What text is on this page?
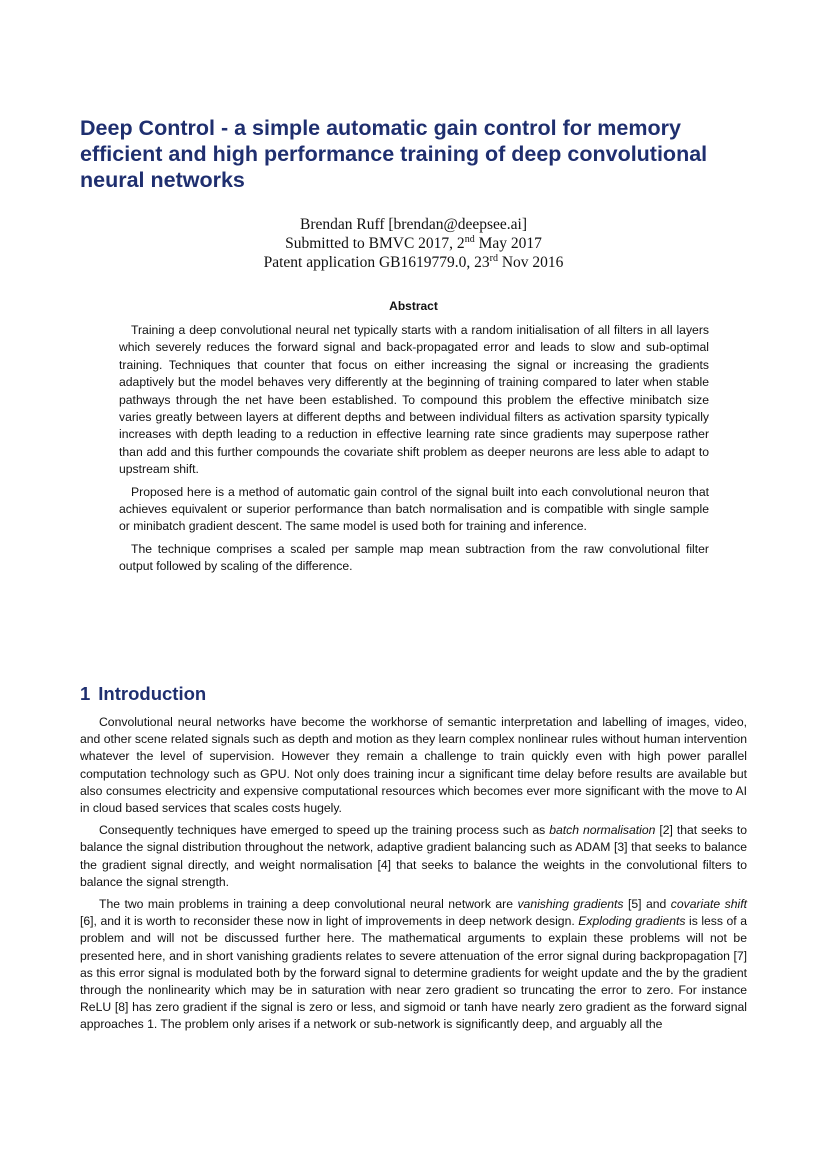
Deep Control - a simple automatic gain control for memory efficient and high performance training of deep convolutional neural networks
Brendan Ruff [brendan@deepsee.ai]
Submitted to BMVC 2017, 2nd May 2017
Patent application GB1619779.0, 23rd Nov 2016
Abstract

Training a deep convolutional neural net typically starts with a random initialisation of all filters in all layers which severely reduces the forward signal and back-propagated error and leads to slow and sub-optimal training. Techniques that counter that focus on either increasing the signal or increasing the gradients adaptively but the model behaves very differently at the beginning of training compared to later when stable pathways through the net have been established. To compound this problem the effective minibatch size varies greatly between layers at different depths and between individual filters as activation sparsity typically increases with depth leading to a reduction in effective learning rate since gradients may superpose rather than add and this further compounds the covariate shift problem as deeper neurons are less able to adapt to upstream shift.

Proposed here is a method of automatic gain control of the signal built into each convolutional neuron that achieves equivalent or superior performance than batch normalisation and is compatible with single sample or minibatch gradient descent. The same model is used both for training and inference.

The technique comprises a scaled per sample map mean subtraction from the raw convolutional filter output followed by scaling of the difference.

1 Introduction

Convolutional neural networks have become the workhorse of semantic interpretation and labelling of images, video, and other scene related signals such as depth and motion as they learn complex nonlinear rules without human intervention whatever the level of supervision. However they remain a challenge to train quickly even with high power parallel computation technology such as GPU. Not only does training incur a significant time delay before results are available but also consumes electricity and expensive computational resources which becomes ever more significant with the move to AI in cloud based services that scales costs hugely.

Consequently techniques have emerged to speed up the training process such as batch normalisation [2] that seeks to balance the signal distribution throughout the network, adaptive gradient balancing such as ADAM [3] that seeks to balance the gradient signal directly, and weight normalisation [4] that seeks to balance the weights in the convolutional filters to balance the signal strength.

The two main problems in training a deep convolutional neural network are vanishing gradients [5] and covariate shift [6], and it is worth to reconsider these now in light of improvements in deep network design. Exploding gradients is less of a problem and will not be discussed further here. The mathematical arguments to explain these problems will not be presented here, and in short vanishing gradients relates to severe attenuation of the error signal during backpropagation [7] as this error signal is modulated both by the forward signal to determine gradients for weight update and the by the gradient through the nonlinearity which may be in saturation with near zero gradient so truncating the error to zero. For instance ReLU [8] has zero gradient if the signal is zero or less, and sigmoid or tanh have nearly zero gradient as the forward signal approaches 1. The problem only arises if a network or sub-network is significantly deep, and arguably all the
